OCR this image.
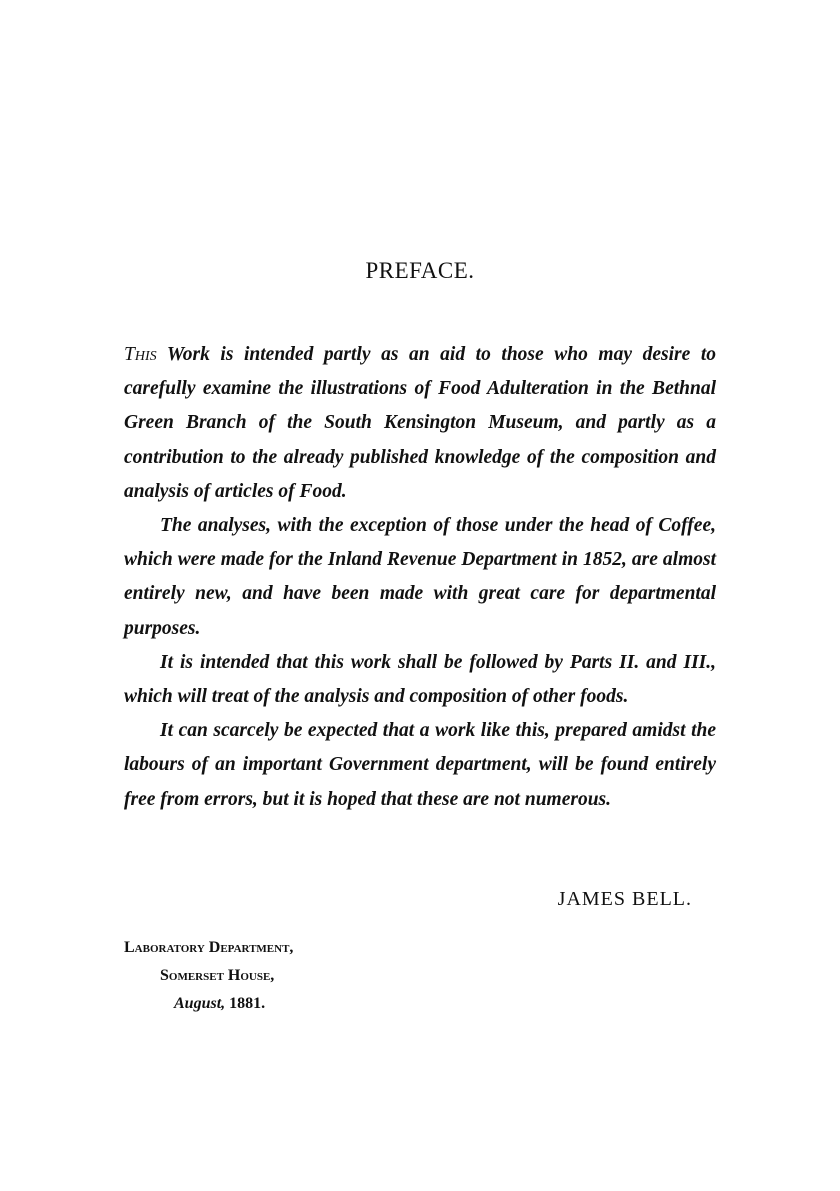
PREFACE.

This Work is intended partly as an aid to those who may desire to carefully examine the illustrations of Food Adulteration in the Bethnal Green Branch of the South Kensington Museum, and partly as a contribution to the already published knowledge of the composition and analysis of articles of Food.

The analyses, with the exception of those under the head of Coffee, which were made for the Inland Revenue Department in 1852, are almost entirely new, and have been made with great care for departmental purposes.

It is intended that this work shall be followed by Parts II. and III., which will treat of the analysis and composition of other foods.

It can scarcely be expected that a work like this, prepared amidst the labours of an important Government department, will be found entirely free from errors, but it is hoped that these are not numerous.

JAMES BELL.
Laboratory Department,
Somerset House,
August, 1881.
